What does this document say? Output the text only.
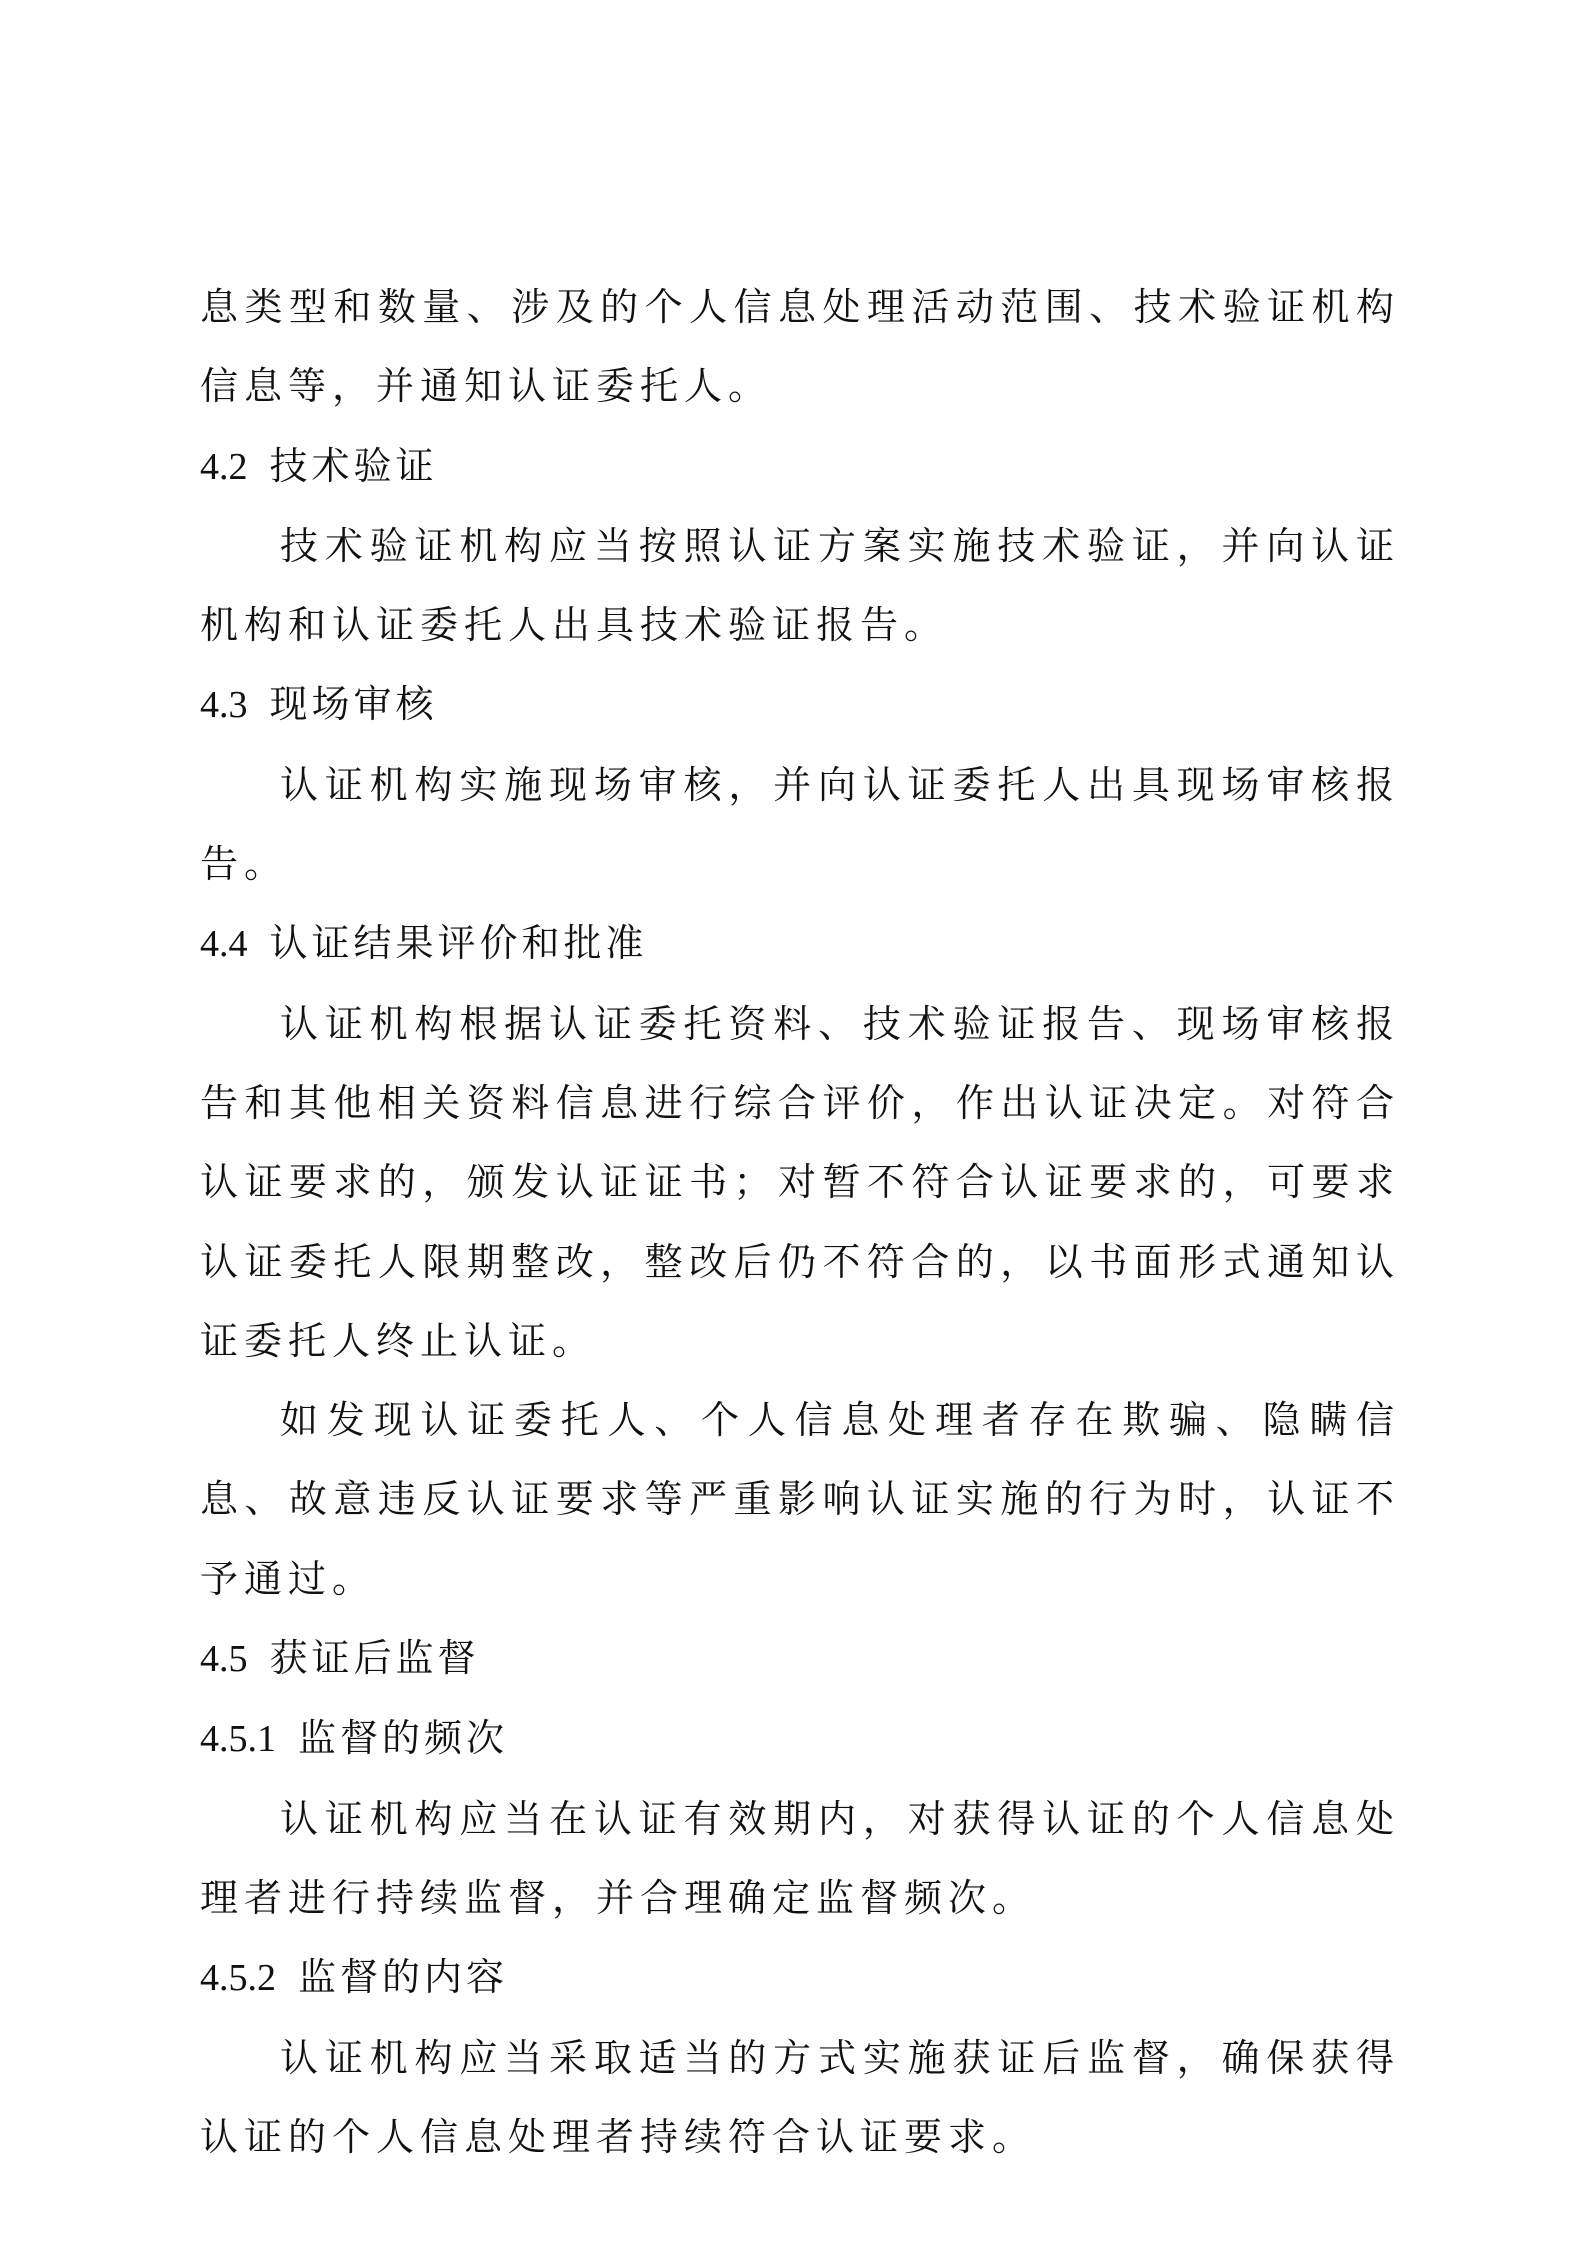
息类型和数量、涉及的个人信息处理活动范围、技术验证机构信息等，并通知认证委托人。

4.2 技术验证

技术验证机构应当按照认证方案实施技术验证，并向认证机构和认证委托人出具技术验证报告。

4.3 现场审核

认证机构实施现场审核，并向认证委托人出具现场审核报告。

4.4 认证结果评价和批准

认证机构根据认证委托资料、技术验证报告、现场审核报告和其他相关资料信息进行综合评价，作出认证决定。对符合认证要求的，颁发认证证书；对暂不符合认证要求的，可要求认证委托人限期整改，整改后仍不符合的，以书面形式通知认证委托人终止认证。

如发现认证委托人、个人信息处理者存在欺骗、隐瞒信息、故意违反认证要求等严重影响认证实施的行为时，认证不予通过。

4.5 获证后监督
4.5.1 监督的频次

认证机构应当在认证有效期内，对获得认证的个人信息处理者进行持续监督，并合理确定监督频次。

4.5.2 监督的内容

认证机构应当采取适当的方式实施获证后监督，确保获得认证的个人信息处理者持续符合认证要求。
